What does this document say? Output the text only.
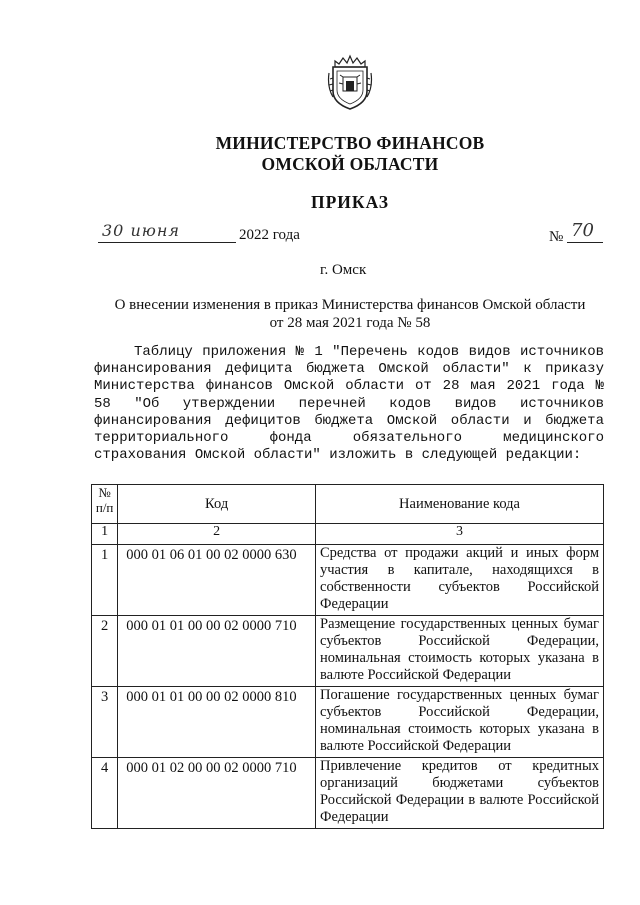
МИНИСТЕРСТВО ФИНАНСОВ
ОМСКОЙ ОБЛАСТИ
ПРИКАЗ
30 июня	2022 года	№ 70
г. Омск
О внесении изменения в приказ Министерства финансов Омской области
от 28 мая 2021 года № 58
Таблицу приложения № 1 "Перечень кодов видов источников финансирования дефицита бюджета Омской области" к приказу Министерства финансов Омской области от 28 мая 2021 года № 58 "Об утверждении перечней кодов видов источников финансирования дефицитов бюджета Омской области и бюджета территориального фонда обязательного медицинского страхования Омской области" изложить в следующей редакции:
№ п/п	Код	Наименование кода
1	2	3
1	000 01 06 01 00 02 0000 630	Средства от продажи акций и иных форм участия в капитале, находящихся в собственности субъектов Российской Федерации
2	000 01 01 00 00 02 0000 710	Размещение государственных ценных бумаг субъектов Российской Федерации, номинальная стоимость которых указана в валюте Российской Федерации
3	000 01 01 00 00 02 0000 810	Погашение государственных ценных бумаг субъектов Российской Федерации, номинальная стоимость которых указана в валюте Российской Федерации
4	000 01 02 00 00 02 0000 710	Привлечение кредитов от кредитных организаций бюджетами субъектов Российской Федерации в валюте Российской Федерации
